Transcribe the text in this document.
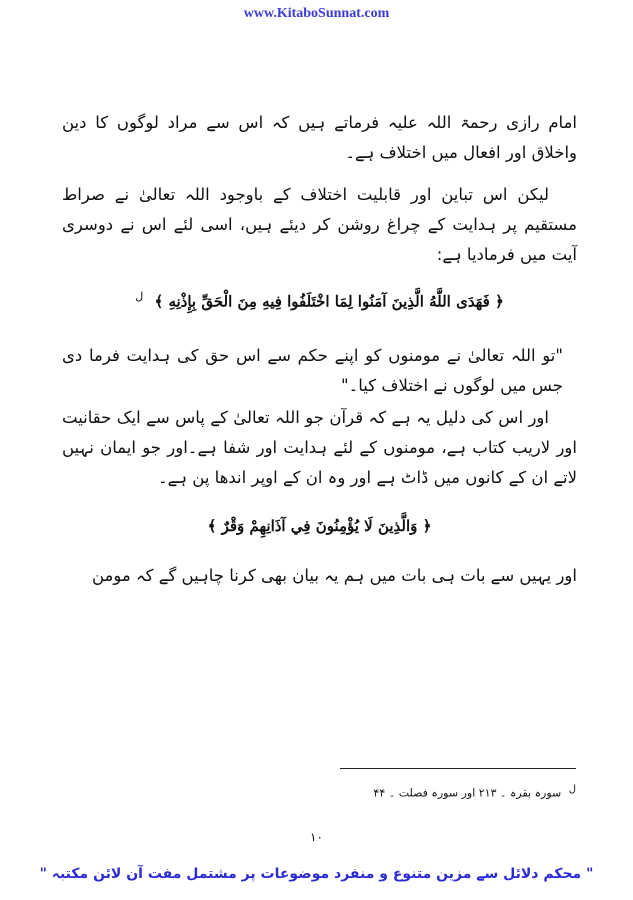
www.KitaboSunnat.com

امام رازی رحمۃ اللہ علیہ فرماتے ہیں کہ اس سے مراد لوگوں کا دین واخلاق اور افعال میں اختلاف ہے۔

لیکن اس تباین اور قابلیت اختلاف کے باوجود اللہ تعالیٰ نے صراط مستقیم پر ہدایت کے چراغ روشن کر دیئے ہیں، اسی لئے اس نے دوسری آیت میں فرمادیا ہے:

﴿ فَهَدَى اللَّهُ الَّذِينَ آمَنُوا لِمَا اخْتَلَفُوا فِيهِ مِنَ الْحَقِّ بِإِذْنِهِ ﴾ $^ل$

"تو اللہ تعالیٰ نے مومنوں کو اپنے حکم سے اس حق کی ہدایت فرما دی جس میں لوگوں نے اختلاف کیا۔"

اور اس کی دلیل یہ ہے کہ قرآن جو اللہ تعالیٰ کے پاس سے ایک حقانیت اور لاریب کتاب ہے، مومنوں کے لئے ہدایت اور شفا ہے۔اور جو ایمان نہیں لاتے ان کے کانوں میں ڈاٹ ہے اور وہ ان کے اوپر اندھا پن ہے۔

﴿ وَالَّذِينَ لَا يُؤْمِنُونَ فِي آذَانِهِمْ وَقْرٌ ﴾

اور یہیں سے بات ہی بات میں ہم یہ بیان بھی کرنا چاہیں گے کہ مومن

ل سورہ بقرہ ۔ ۲۱۳ اور سورہ فصلت ۔ ۴۴
۱۰
" محکم دلائل سے مزین متنوع و منفرد موضوعات پر مشتمل مفت آن لائن مکتبہ "
